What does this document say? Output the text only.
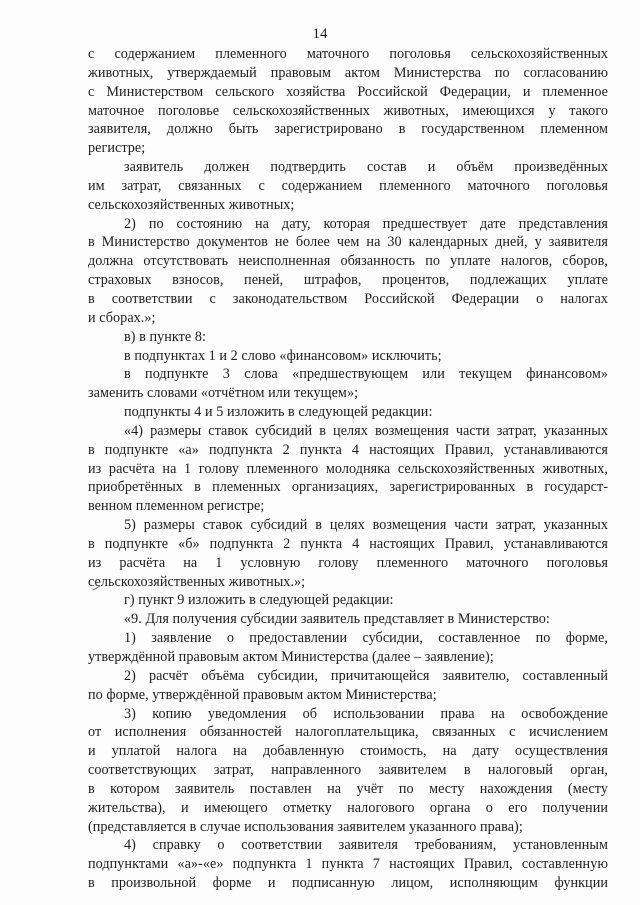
14
с содержанием племенного маточного поголовья сельскохозяйственных
животных, утверждаемый правовым актом Министерства по согласованию
с Министерством сельского хозяйства Российской Федерации, и племенное
маточное поголовье сельскохозяйственных животных, имеющихся у такого
заявителя, должно быть зарегистрировано в государственном племенном
регистре;
заявитель должен подтвердить состав и объём произведённых
им затрат, связанных с содержанием племенного маточного поголовья
сельскохозяйственных животных;
2) по состоянию на дату, которая предшествует дате представления
в Министерство документов не более чем на 30 календарных дней, у заявителя
должна отсутствовать неисполненная обязанность по уплате налогов, сборов,
страховых взносов, пеней, штрафов, процентов, подлежащих уплате
в соответствии с законодательством Российской Федерации о налогах
и сборах.»;
в) в пункте 8:
в подпунктах 1 и 2 слово «финансовом» исключить;
в подпункте 3 слова «предшествующем или текущем финансовом»
заменить словами «отчётном или текущем»;
подпункты 4 и 5 изложить в следующей редакции:
«4) размеры ставок субсидий в целях возмещения части затрат, указанных
в подпункте «а» подпункта 2 пункта 4 настоящих Правил, устанавливаются
из расчёта на 1 голову племенного молодняка сельскохозяйственных животных,
приобретённых в племенных организациях, зарегистрированных в государст-
венном племенном регистре;
5) размеры ставок субсидий в целях возмещения части затрат, указанных
в подпункте «б» подпункта 2 пункта 4 настоящих Правил, устанавливаются
из расчёта на 1 условную голову племенного маточного поголовья
сельскохозяйственных животных.»;
г) пункт 9 изложить в следующей редакции:
«9. Для получения субсидии заявитель представляет в Министерство:
1) заявление о предоставлении субсидии, составленное по форме,
утверждённой правовым актом Министерства (далее – заявление);
2) расчёт объёма субсидии, причитающейся заявителю, составленный
по форме, утверждённой правовым актом Министерства;
3) копию уведомления об использовании права на освобождение
от исполнения обязанностей налогоплательщика, связанных с исчислением
и уплатой налога на добавленную стоимость, на дату осуществления
соответствующих затрат, направленного заявителем в налоговый орган,
в котором заявитель поставлен на учёт по месту нахождения (месту
жительства), и имеющего отметку налогового органа о его получении
(представляется в случае использования заявителем указанного права);
4) справку о соответствии заявителя требованиям, установленным
подпунктами «а»-«е» подпункта 1 пункта 7 настоящих Правил, составленную
в произвольной форме и подписанную лицом, исполняющим функции
